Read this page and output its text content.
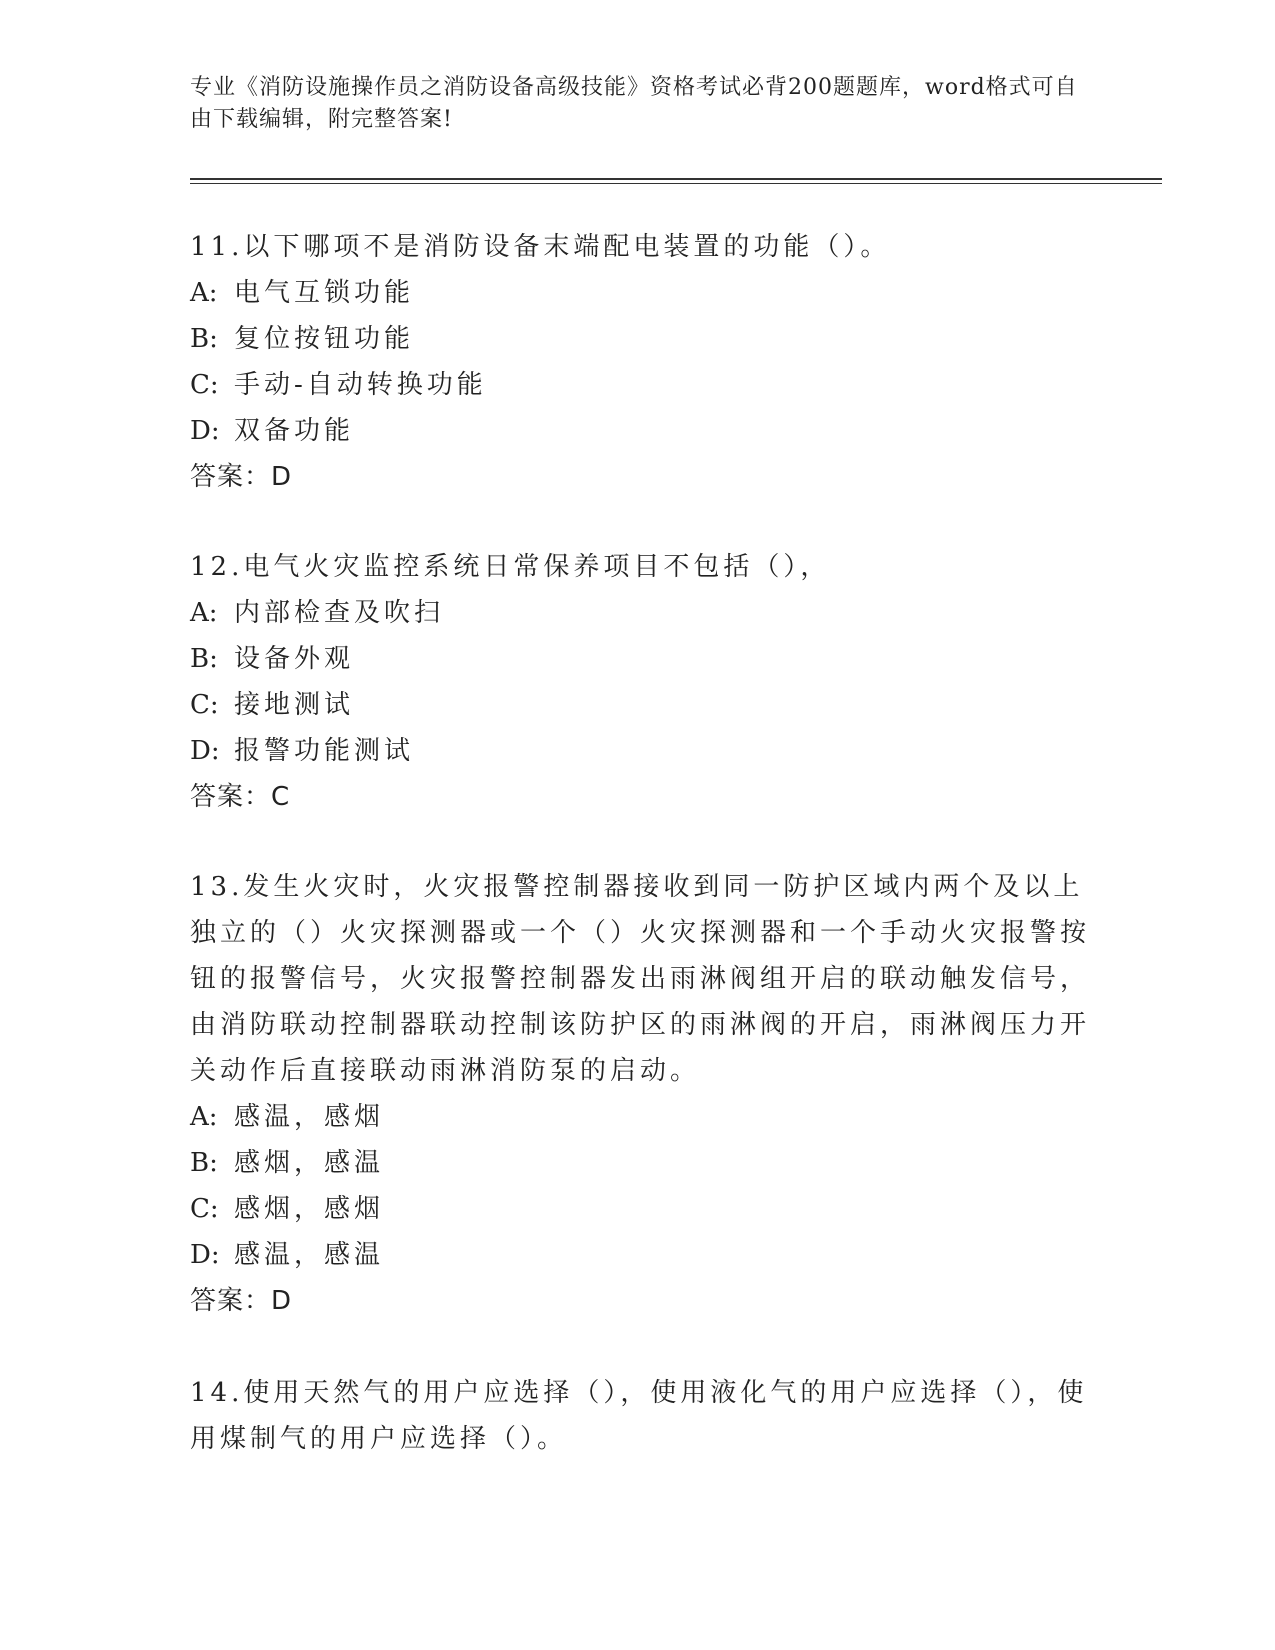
专业《消防设施操作员之消防设备高级技能》资格考试必背200题题库，word格式可自由下载编辑，附完整答案!

11.以下哪项不是消防设备末端配电装置的功能（）。

A: 电气互锁功能

B: 复位按钮功能

C: 手动-自动转换功能

D: 双备功能

答案：D

12.电气火灾监控系统日常保养项目不包括（），

A: 内部检查及吹扫

B: 设备外观

C: 接地测试

D: 报警功能测试

答案：C

13.发生火灾时，火灾报警控制器接收到同一防护区域内两个及以上独立的（）火灾探测器或一个（）火灾探测器和一个手动火灾报警按钮的报警信号，火灾报警控制器发出雨淋阀组开启的联动触发信号，由消防联动控制器联动控制该防护区的雨淋阀的开启，雨淋阀压力开关动作后直接联动雨淋消防泵的启动。

A: 感温，感烟

B: 感烟，感温

C: 感烟，感烟

D: 感温，感温

答案：D

14.使用天然气的用户应选择（），使用液化气的用户应选择（），使用煤制气的用户应选择（）。
